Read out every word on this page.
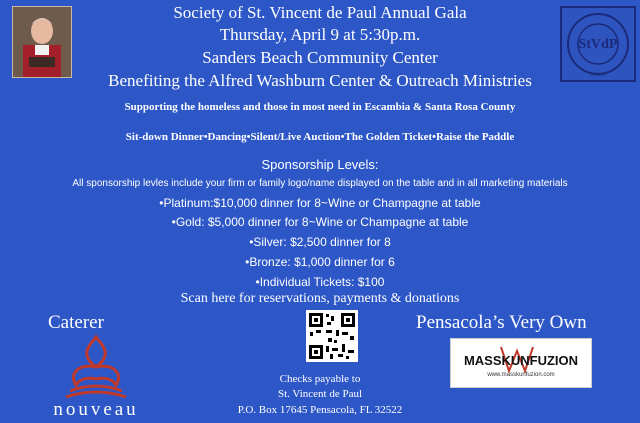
StVdP
U.S.A.
Society of St. Vincent de Paul Annual Gala
Thursday, April 9 at 5:30p.m.
Sanders Beach Community Center
Benefiting the Alfred Washburn Center & Outreach Ministries
Supporting the homeless and those in most need in Escambia & Santa Rosa County
Sit-down Dinner•Dancing•Silent/Live Auction•The Golden Ticket•Raise the Paddle
Sponsorship Levels:
All sponsorship levles include your firm or family logo/name displayed on the table and in all marketing materials
•Platinum:$10,000 dinner for 8~Wine or Champagne at table
•Gold: $5,000 dinner for 8~Wine or Champagne at table
•Silver: $2,500 dinner for 8
•Bronze: $1,000 dinner for 6
•Individual Tickets: $100
Scan here for reservations, payments & donations
Caterer
nouveau
Checks payable to
St. Vincent de Paul
P.O. Box 17645 Pensacola, FL 32522
Pensacola’s Very Own
MASSKUNFUZION
www.masskunfuzion.com
